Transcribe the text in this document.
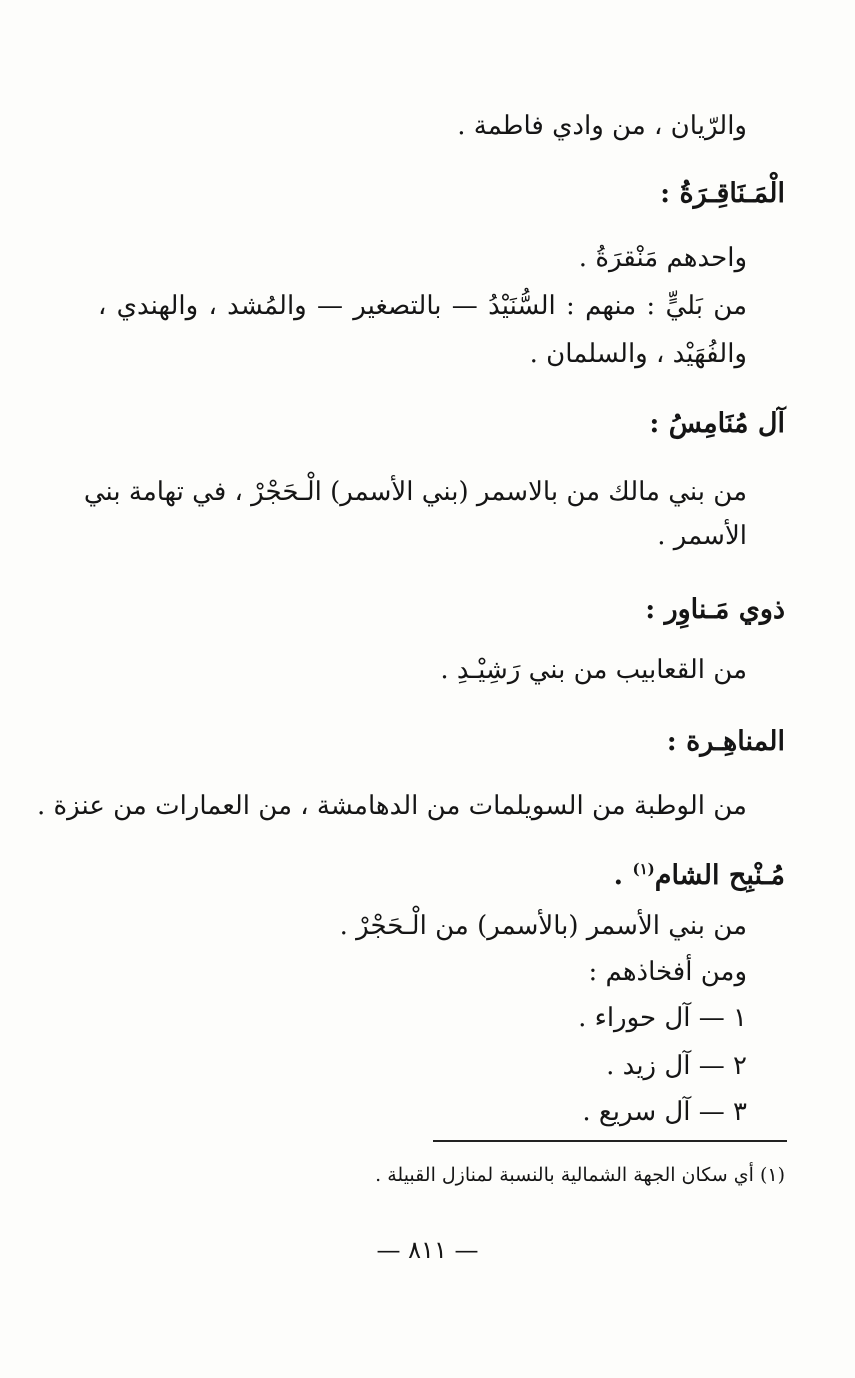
والرّيان ، من وادي فاطمة .
الْمَـنَاقِـرَةُ :
واحدهم مَنْقرَةُ .
من بَليٍّ : منهم : السُّنَيْدُ — بالتصغير — والمُشد ، والهندي ،
والفُهَيْد ، والسلمان .
آل مُنَامِسُ :
من بني مالك من بالاسمر (بني الأسمر) الْـحَجْرْ ، في تهامة بني
الأسمر .
ذوي مَـناوِر :
من القعابيب من بني رَشِيْـدِ .
المناهِـرة :
من الوطبة من السويلمات من الدهامشة ، من العمارات من عنزة .
مُـنْبِح الشام$^{(١)}$ .
من بني الأسمر (بالأسمر) من الْـحَجْرْ .
ومن أفخاذهم :
١ — آل حوراء .
٢ — آل زيد .
٣ — آل سريع .
(١) أي سكان الجهة الشمالية بالنسبة لمنازل القبيلة .
— ٨١١ —
